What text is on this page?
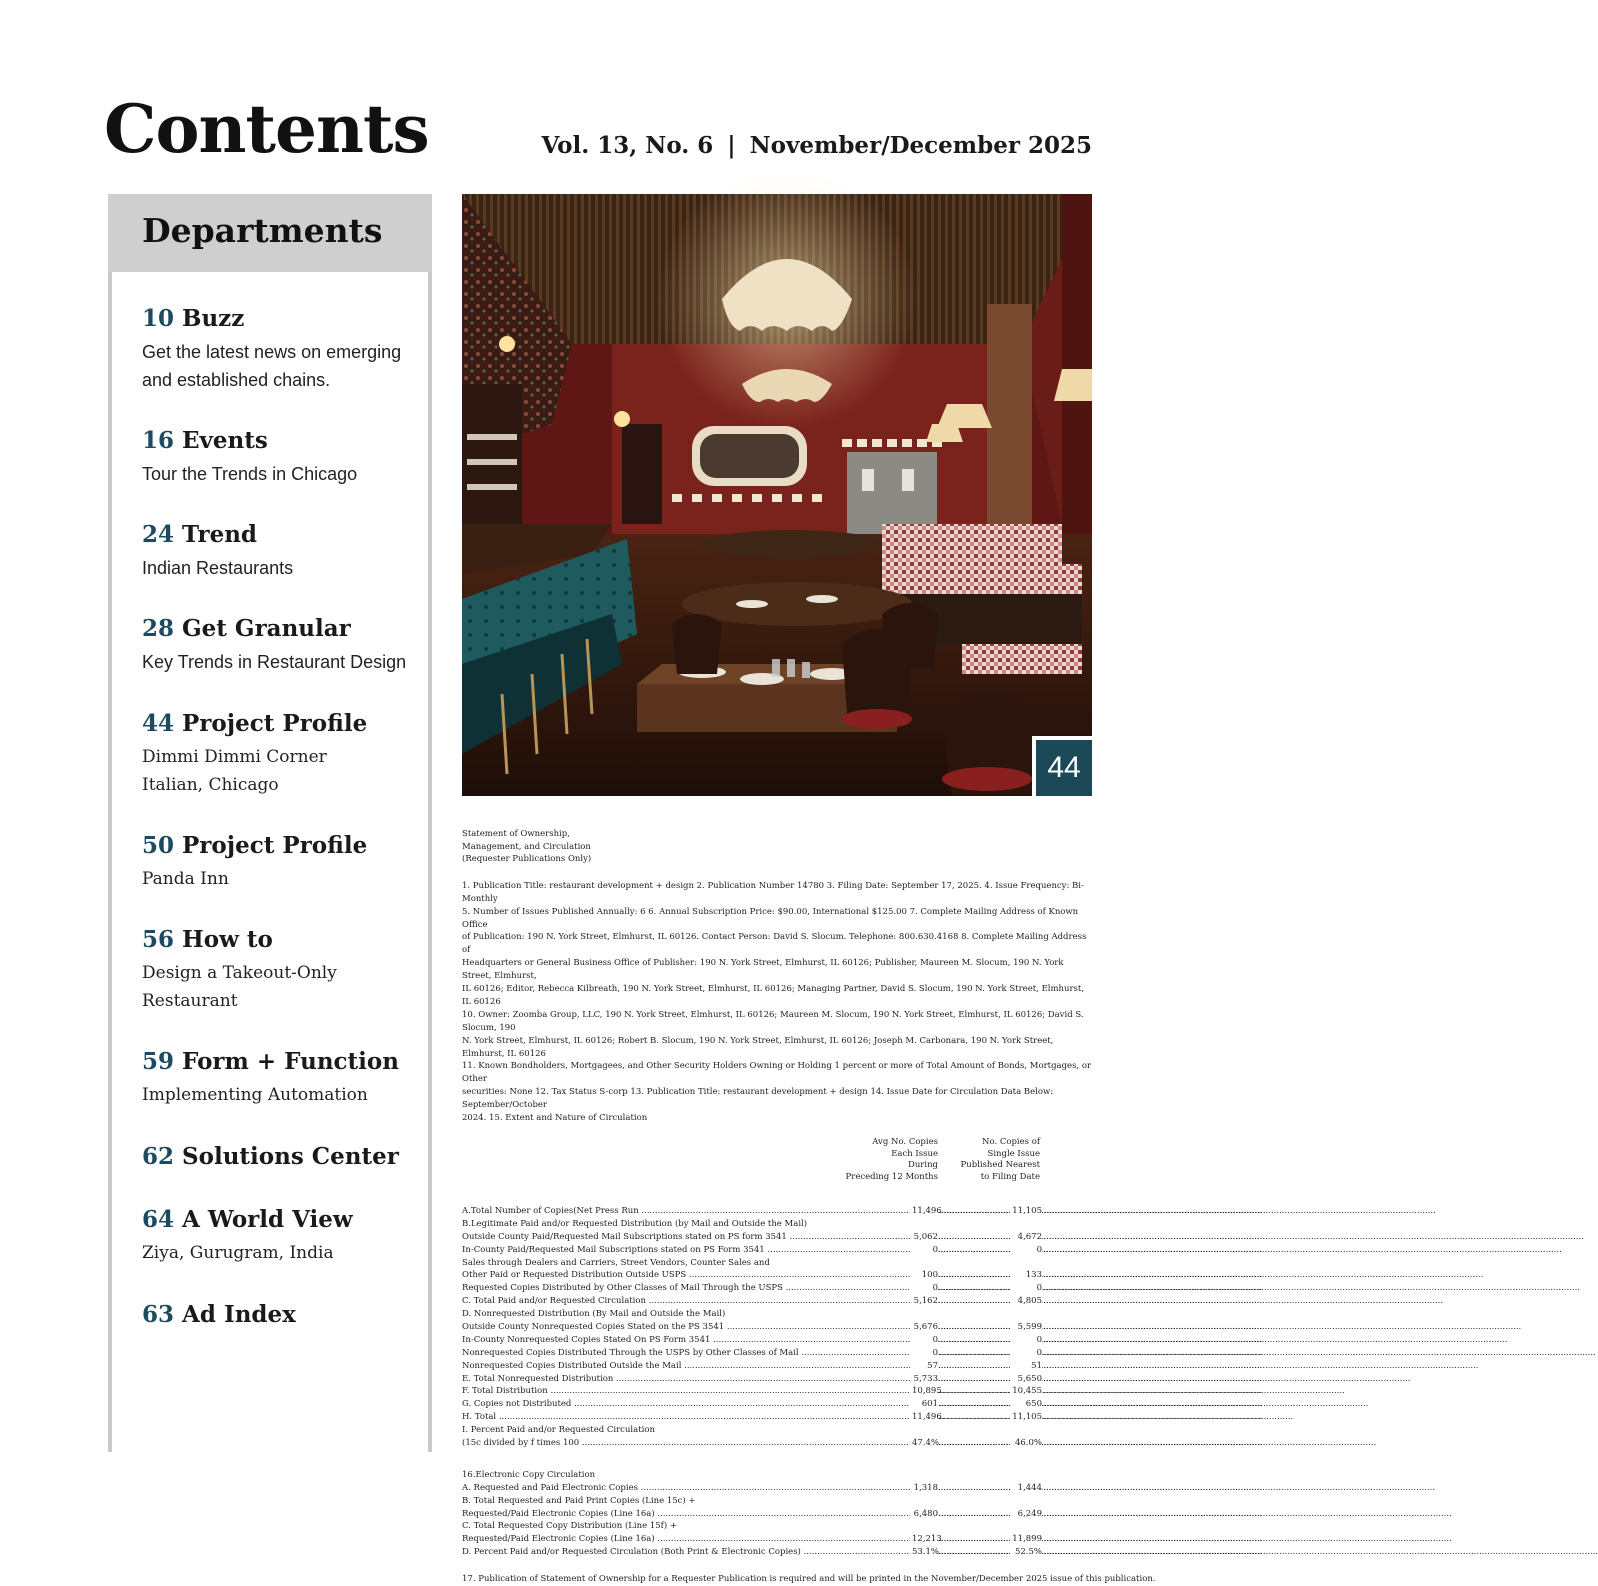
Contents	Vol. 13, No. 6 | November/December 2025
Departments
10 Buzz
Get the latest news on emerging
and established chains.
16 Events
Tour the Trends in Chicago
24 Trend
Indian Restaurants
28 Get Granular
Key Trends in Restaurant Design
44 Project Profile
Dimmi Dimmi Corner
Italian, Chicago
50 Project Profile
Panda Inn
56 How to
Design a Takeout-Only
Restaurant
59 Form + Function
Implementing Automation
62 Solutions Center
64 A World View
Ziya, Gurugram, India
63 Ad Index
44
Statement of Ownership,
Management, and Circulation
(Requester Publications Only)
1. Publication Title: restaurant development + design 2. Publication Number 14780 3. Filing Date: September 17, 2025. 4. Issue Frequency: Bi-Monthly
5. Number of Issues Published Annually: 6 6. Annual Subscription Price: $90.00, International $125.00 7. Complete Mailing Address of Known Office
of Publication: 190 N. York Street, Elmhurst, IL 60126. Contact Person: David S. Slocum. Telephone: 800.630.4168 8. Complete Mailing Address of
Headquarters or General Business Office of Publisher: 190 N. York Street, Elmhurst, IL 60126; Publisher, Maureen M. Slocum, 190 N. York Street, Elmhurst,
IL 60126; Editor, Rebecca Kilbreath, 190 N. York Street, Elmhurst, IL 60126; Managing Partner, David S. Slocum, 190 N. York Street, Elmhurst, IL 60126
10. Owner: Zoomba Group, LLC, 190 N. York Street, Elmhurst, IL 60126; Maureen M. Slocum, 190 N. York Street, Elmhurst, IL 60126; David S. Slocum, 190
N. York Street, Elmhurst, IL 60126; Robert B. Slocum, 190 N. York Street, Elmhurst, IL 60126; Joseph M. Carbonara, 190 N. York Street, Elmhurst, IL 60126
11. Known Bondholders, Mortgagees, and Other Security Holders Owning or Holding 1 percent or more of Total Amount of Bonds, Mortgages, or Other
securities: None 12. Tax Status S-corp 13. Publication Title: restaurant development + design 14. Issue Date for Circulation Data Below: September/October
2024. 15. Extent and Nature of Circulation
Avg No. Copies
Each Issue
During
Preceding 12 Months
No. Copies of
Single Issue
Published Nearest
to Filing Date
A.Total Number of Copies(Net Press Run .....	11,496 .....	11,105
B.Legitimate Paid and/or Requested Distribution (by Mail and Outside the Mail)
Outside County Paid/Requested Mail Subscriptions stated on PS form 3541 .....	5,062 .....	4,672
In-County Paid/Requested Mail Subscriptions stated on PS Form 3541 .....	0 .....	0
Sales through Dealers and Carriers, Street Vendors, Counter Sales and
Other Paid or Requested Distribution Outside USPS .....	100 .....	133
Requested Copies Distributed by Other Classes of Mail Through the USPS .....	0 .....	0
C. Total Paid and/or Requested Circulation .....	5,162 .....	4,805
D. Nonrequested Distribution (By Mail and Outside the Mail)
Outside County Nonrequested Copies Stated on the PS 3541 .....	5,676 .....	5,599
In-County Nonrequested Copies Stated On PS Form 3541 .....	0 .....	0
Nonrequested Copies Distributed Through the USPS by Other Classes of Mail .....	0 .....	0
Nonrequested Copies Distributed Outside the Mail .....	57 .....	51
E. Total Nonrequested Distribution .....	5,733 .....	5,650
F. Total Distribution .....	10,895 .....	10,455
G. Copies not Distributed .....	601 .....	650
H. Total .....	11,496 .....	11,105
I. Percent Paid and/or Requested Circulation
(15c divided by f times 100 .....	47.4% .....	46.0%
16.Electronic Copy Circulation
A. Requested and Paid Electronic Copies .....	1,318 .....	1,444
B. Total Requested and Paid Print Copies (Line 15c) +
Requested/Paid Electronic Copies (Line 16a) .....	6,480 .....	6,249
C. Total Requested Copy Distribution (Line 15f) +
Requested/Paid Electronic Copies (Line 16a) .....	12,213 .....	11,899
D. Percent Paid and/or Requested Circulation (Both Print & Electronic Copies) .....	53.1% .....	52.5%
17. Publication of Statement of Ownership for a Requester Publication is required and will be printed in the November/December 2025 issue of this publication.
